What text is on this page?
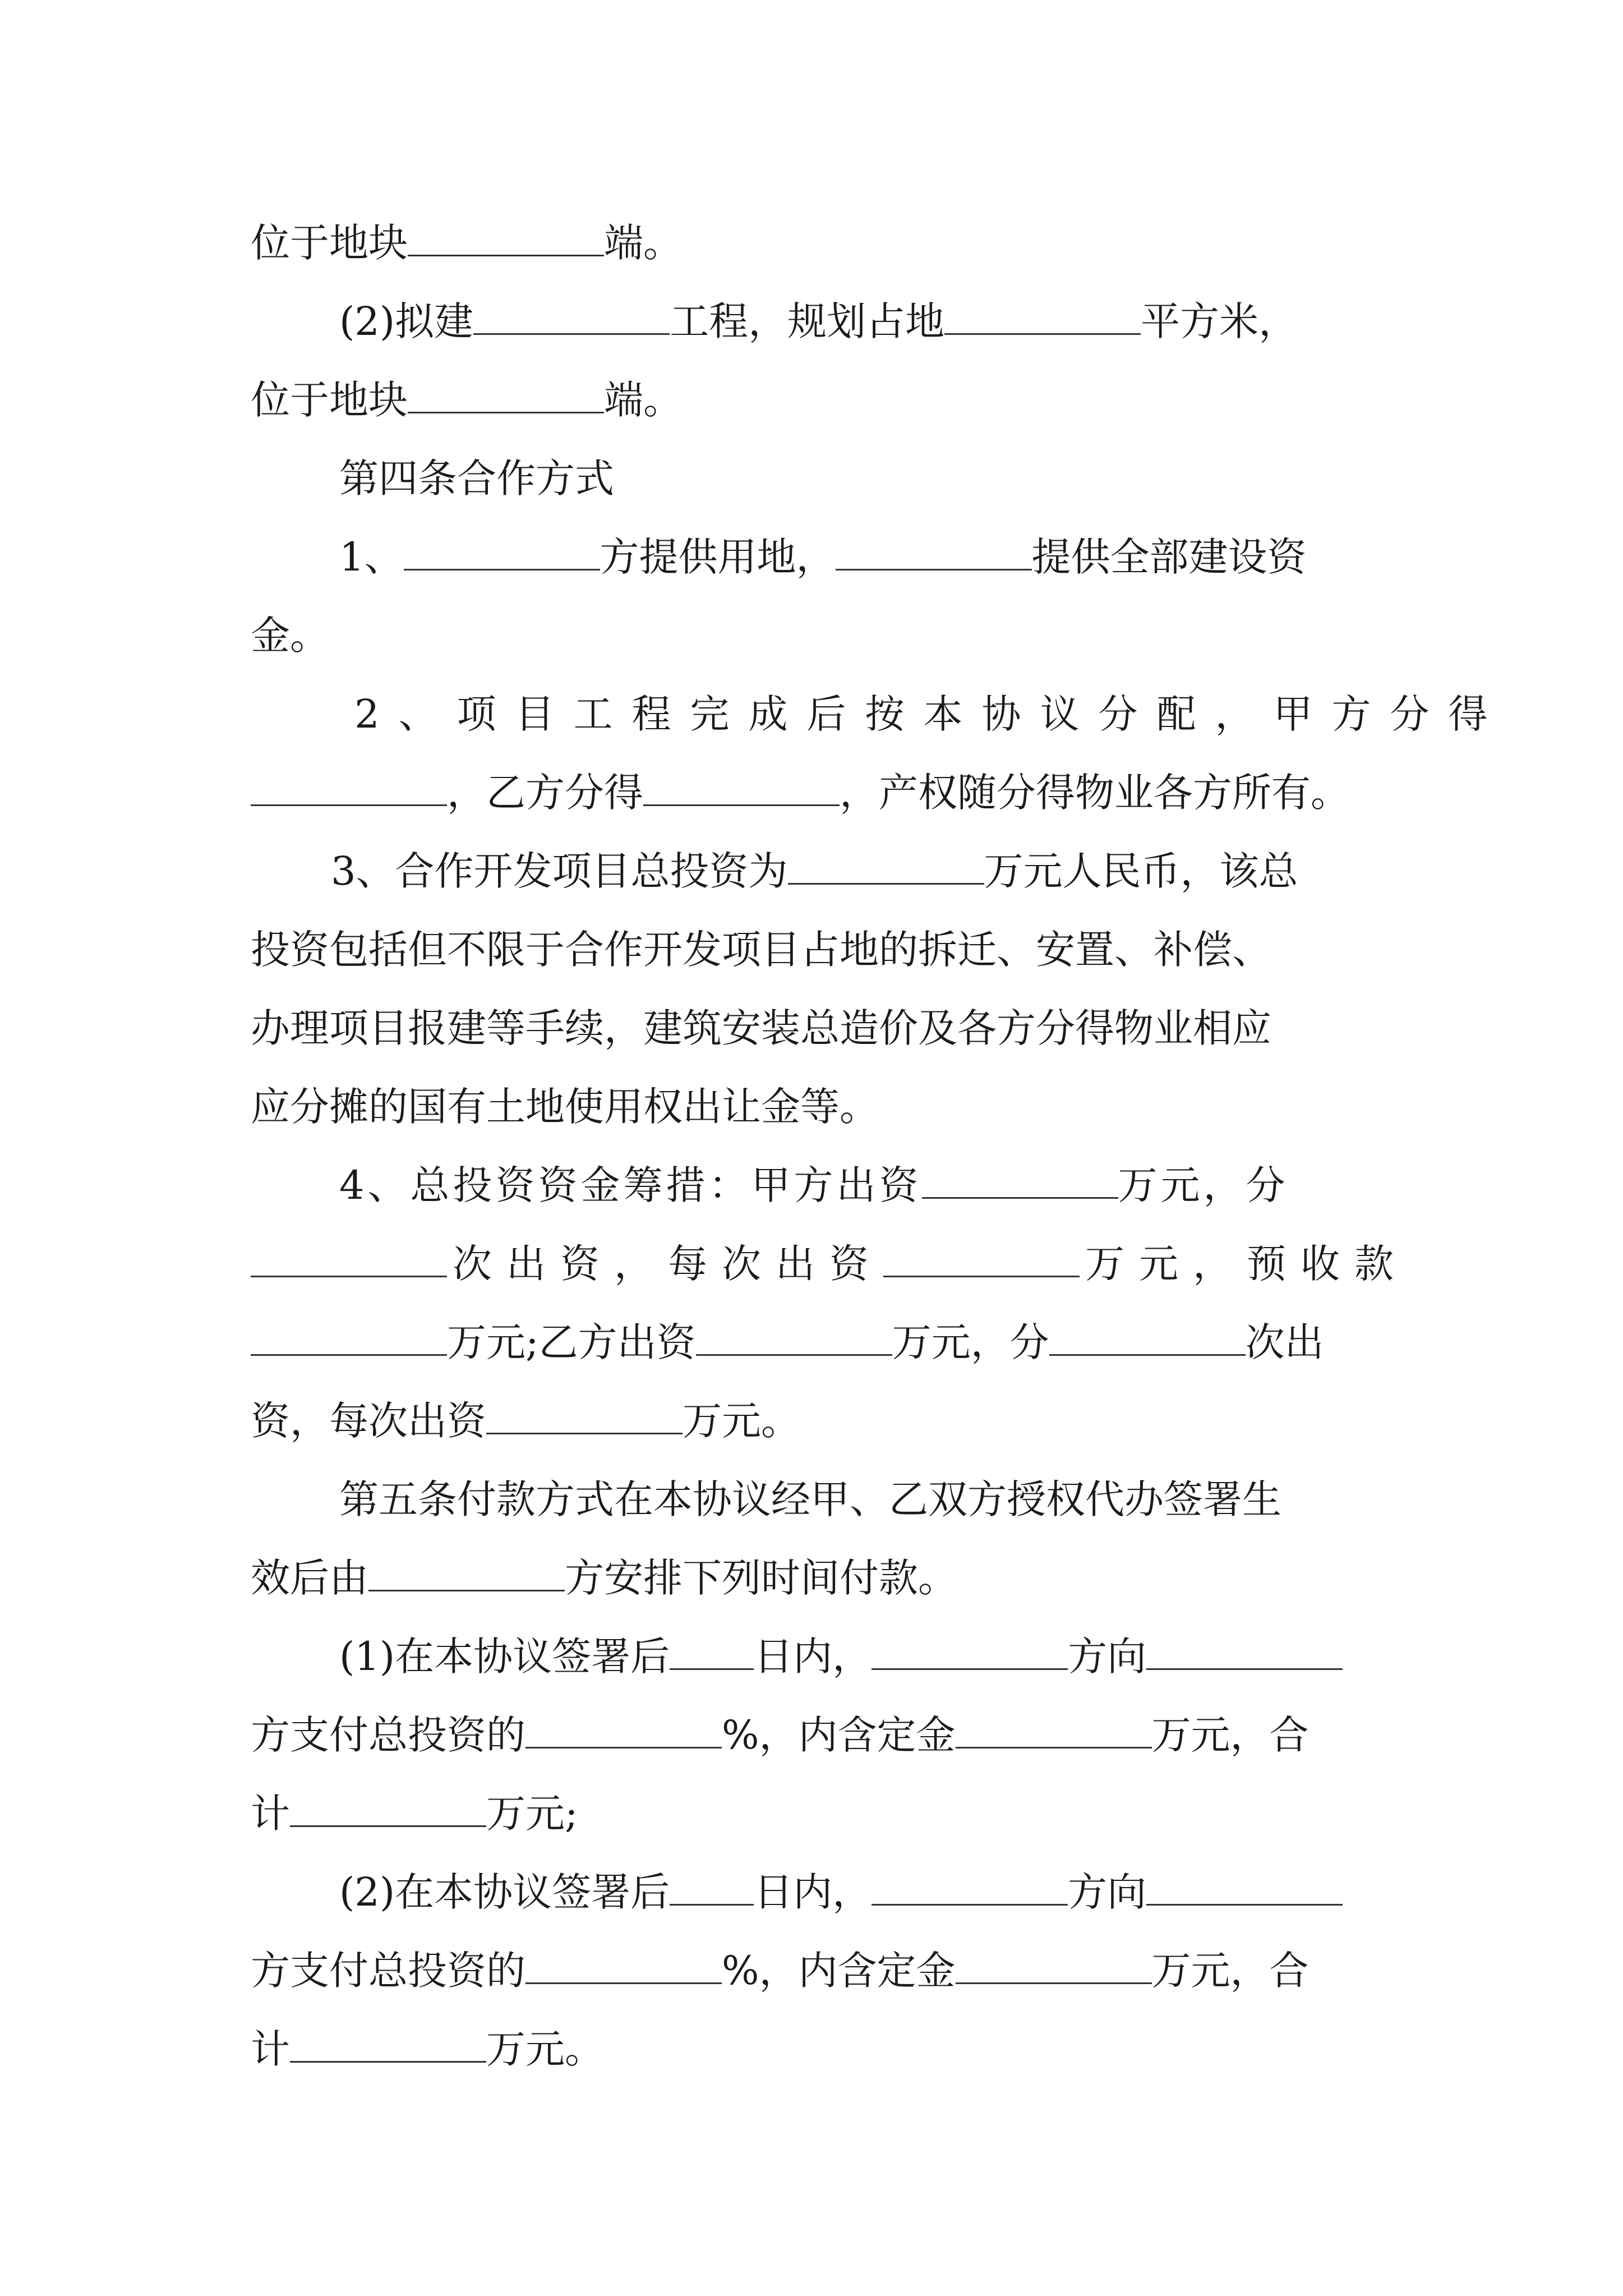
位于地块	端。
(2)拟建	工程，规划占地	平方米，
位于地块	端。
第四条合作方式
1、	方提供用地，	提供全部建设资
金。
2、项目工程完成后按本协议分配，甲方分得
，乙方分得	，产权随分得物业各方所有。
3、合作开发项目总投资为	万元人民币，该总
投资包括但不限于合作开发项目占地的拆迁、安置、补偿、
办理项目报建等手续，建筑安装总造价及各方分得物业相应
应分摊的国有土地使用权出让金等。
4、总投资资金筹措：甲方出资	万元，分
次出资，每次出资	万元，预收款
万元;乙方出资	万元，分	次出
资，每次出资	万元。
第五条付款方式在本协议经甲、乙双方授权代办签署生
效后由	方安排下列时间付款。
(1)在本协议签署后 日内，	方向
方支付总投资的	%，内含定金	万元，合
计	万元;
(2)在本协议签署后 日内，	方向
方支付总投资的	%，内含定金	万元，合
计	万元。
